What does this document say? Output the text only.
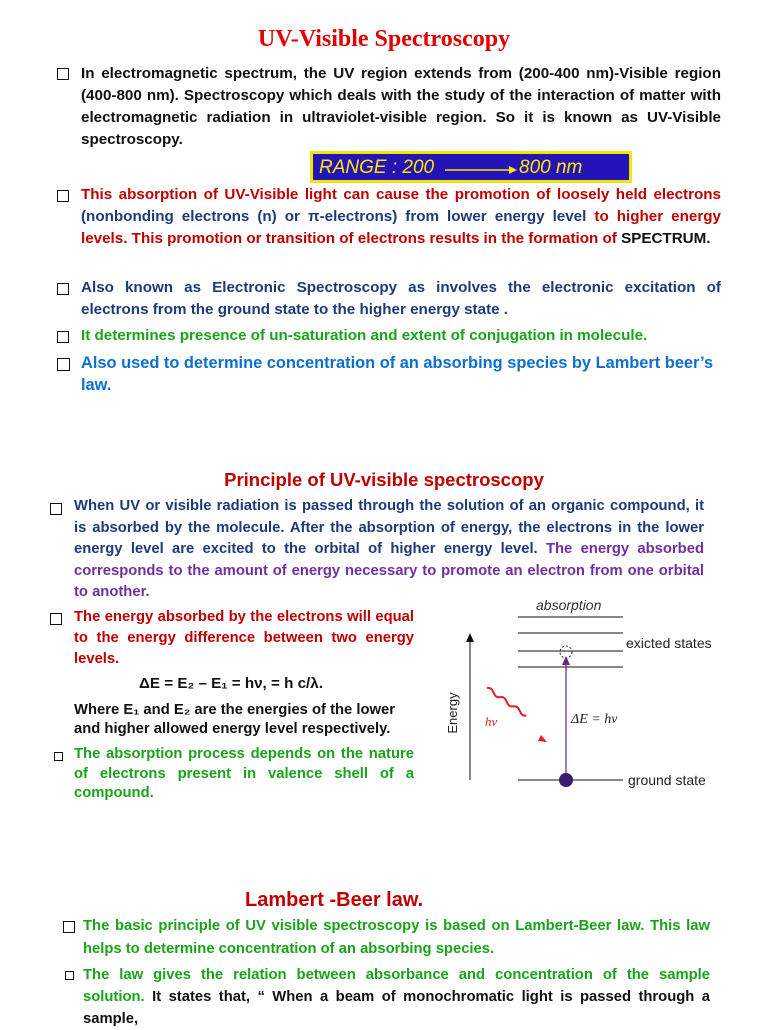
UV-Visible Spectroscopy
In electromagnetic spectrum, the UV region extends from (200-400 nm)-Visible region (400-800 nm). Spectroscopy which deals with the study of the interaction of matter with electromagnetic radiation in ultraviolet-visible region. So it is known as UV-Visible spectroscopy.
RANGE : 200	800 nm
This absorption of UV-Visible light can cause the promotion of loosely held electrons (nonbonding electrons (n) or π-electrons) from lower energy level to higher energy levels. This promotion or transition of electrons results in the formation of SPECTRUM.
Also known as Electronic Spectroscopy as involves the electronic excitation of electrons from the ground state to the higher energy state .
It determines presence of un-saturation and extent of conjugation in molecule.
Also used to determine concentration of an absorbing species by Lambert beer’s law.
Principle of UV-visible spectroscopy
When UV or visible radiation is passed through the solution of an organic compound, it is absorbed by the molecule. After the absorption of energy, the electrons in the lower energy level are excited to the orbital of higher energy level. The energy absorbed corresponds to the amount of energy necessary to promote an electron from one orbital to another.
The energy absorbed by the electrons will equal to the energy difference between two energy levels.
ΔE = E₂ – E₁ = hν, = h c/λ.
Where E₁ and E₂ are the energies of the lower and higher allowed energy level respectively.
The absorption process depends on the nature of electrons present in valence shell of a compound.
absorption
exicted states
Energy	ΔE = hν
hν
ground state
Lambert -Beer law.
The basic principle of UV visible spectroscopy is based on Lambert-Beer law. This law helps to determine concentration of an absorbing species.
The law gives the relation between absorbance and concentration of the sample solution. It states that, “ When a beam of monochromatic light is passed through a sample,
